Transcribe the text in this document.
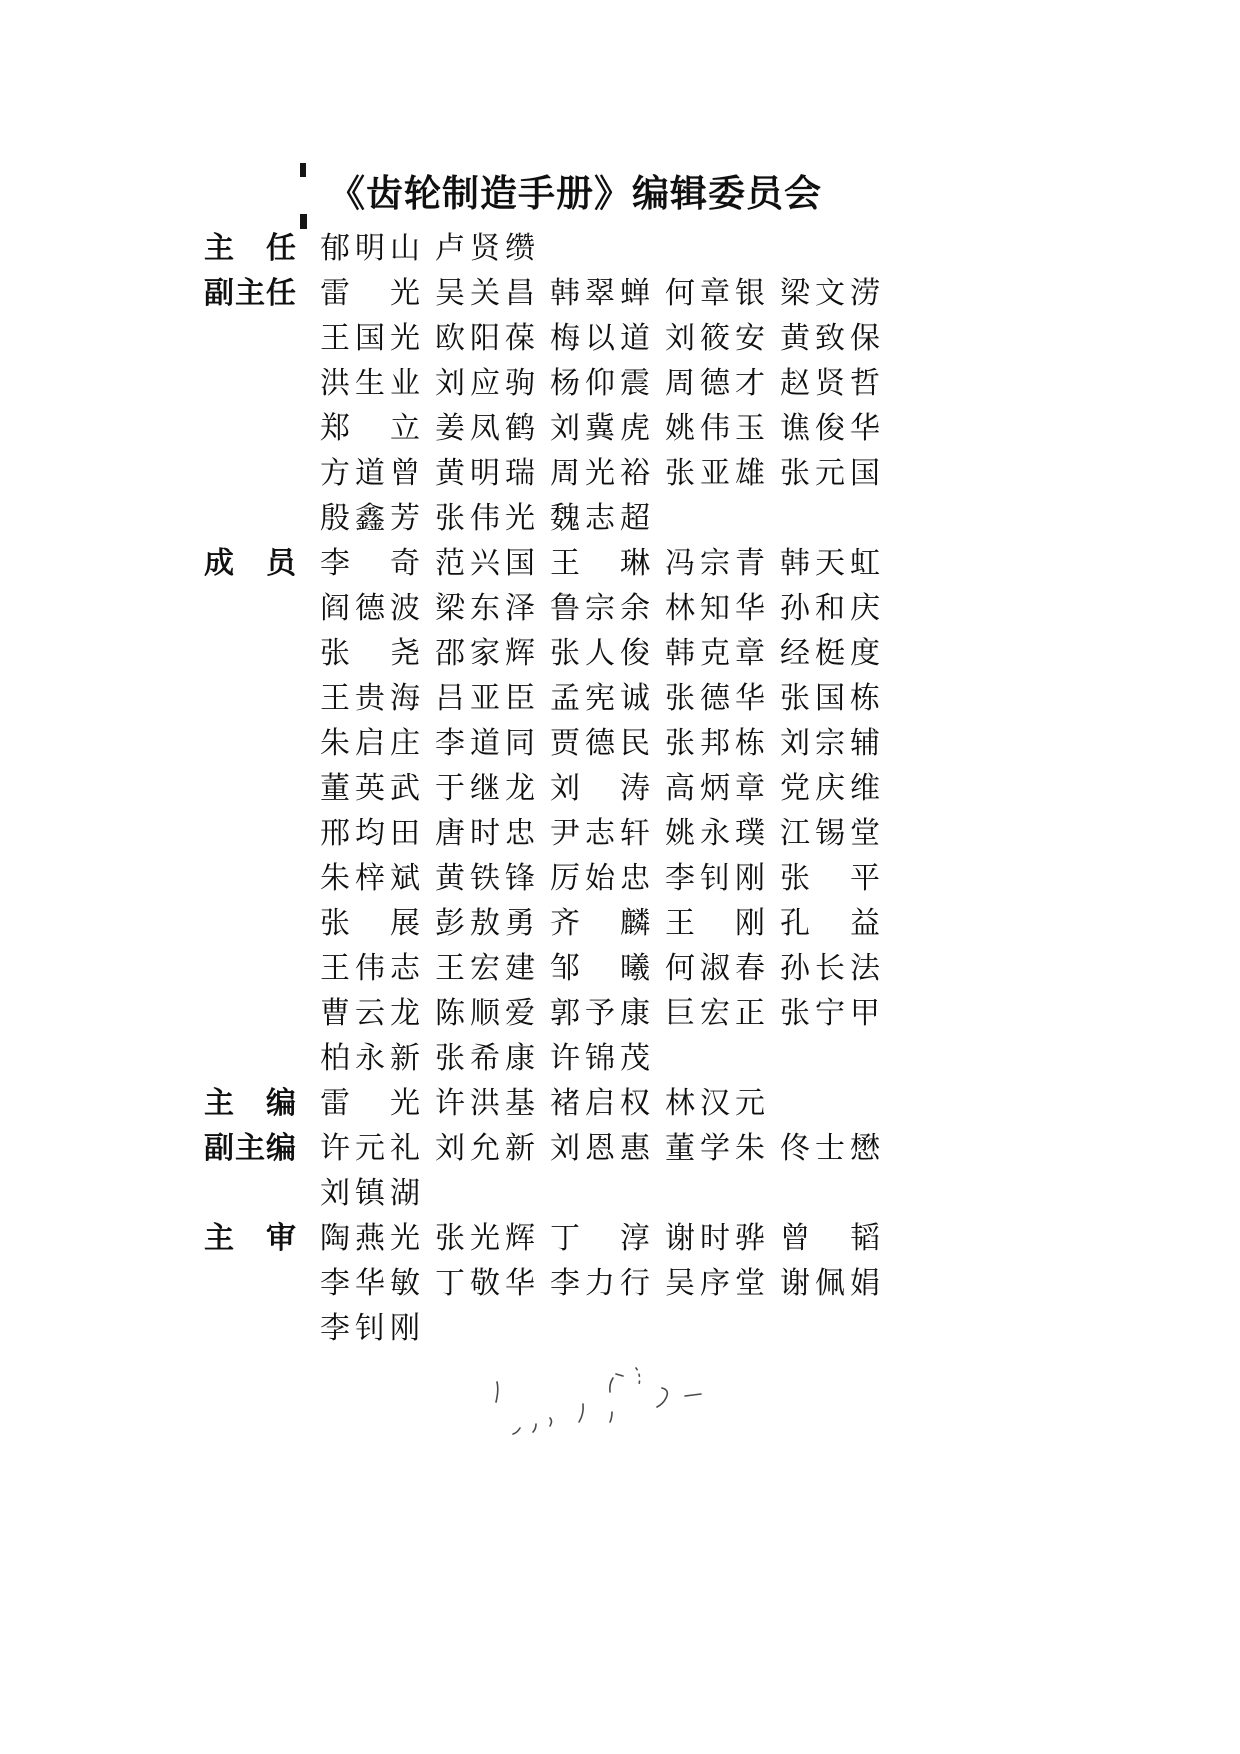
《齿轮制造手册》编辑委员会
主　任 郁明山 卢贤缵
副主任 雷　光 吴关昌 韩翠蝉 何章银 梁文涝
王国光 欧阳葆 梅以道 刘筱安 黄致保
洪生业 刘应驹 杨仰震 周德才 赵贤哲
郑　立 姜凤鹤 刘冀虎 姚伟玉 谯俊华
方道曾 黄明瑞 周光裕 张亚雄 张元国
殷鑫芳 张伟光 魏志超
成　员 李　奇 范兴国 王　琳 冯宗青 韩天虹
阎德波 梁东泽 鲁宗余 林知华 孙和庆
张　尧 邵家辉 张人俊 韩克章 经梃度
王贵海 吕亚臣 孟宪诚 张德华 张国栋
朱启庄 李道同 贾德民 张邦栋 刘宗辅
董英武 于继龙 刘　涛 高炳章 党庆维
邢均田 唐时忠 尹志轩 姚永璞 江锡堂
朱梓斌 黄铁锋 厉始忠 李钊刚 张　平
张　展 彭敖勇 齐　麟 王　刚 孔　益
王伟志 王宏建 邹　曦 何淑春 孙长法
曹云龙 陈顺爱 郭予康 巨宏正 张宁甲
柏永新 张希康 许锦茂
主　编 雷　光 许洪基 褚启权 林汉元
副主编 许元礼 刘允新 刘恩惠 董学朱 佟士懋
刘镇湖
主　审 陶燕光 张光辉 丁　淳 谢时骅 曾　韬
李华敏 丁敬华 李力行 吴序堂 谢佩娟
李钊刚
